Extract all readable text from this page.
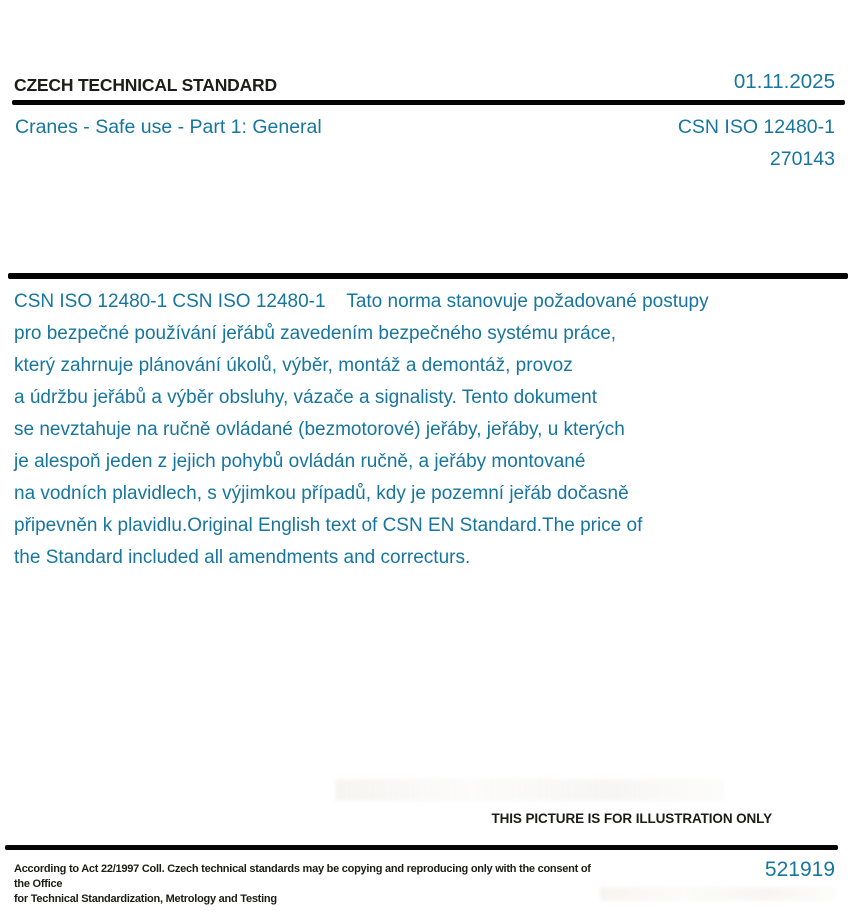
CZECH TECHNICAL STANDARD	01.11.2025
Cranes - Safe use - Part 1: General	CSN ISO 12480-1
270143
CSN ISO 12480-1 CSN ISO 12480-1    Tato norma stanovuje požadované postupy
pro bezpečné používání jeřábů zavedením bezpečného systému práce,
který zahrnuje plánování úkolů, výběr, montáž a demontáž, provoz
a údržbu jeřábů a výběr obsluhy, vázače a signalisty. Tento dokument
se nevztahuje na ručně ovládané (bezmotorové) jeřáby, jeřáby, u kterých
je alespoň jeden z jejich pohybů ovládán ručně, a jeřáby montované
na vodních plavidlech, s výjimkou případů, kdy je pozemní jeřáb dočasně
připevněn k plavidlu.Original English text of CSN EN Standard.The price of
the Standard included all amendments and correcturs.
THIS PICTURE IS FOR ILLUSTRATION ONLY
According to Act 22/1997 Coll. Czech technical standards may be copying and reproducing only with the consent of the Office
for Technical Standardization, Metrology and Testing
521919
